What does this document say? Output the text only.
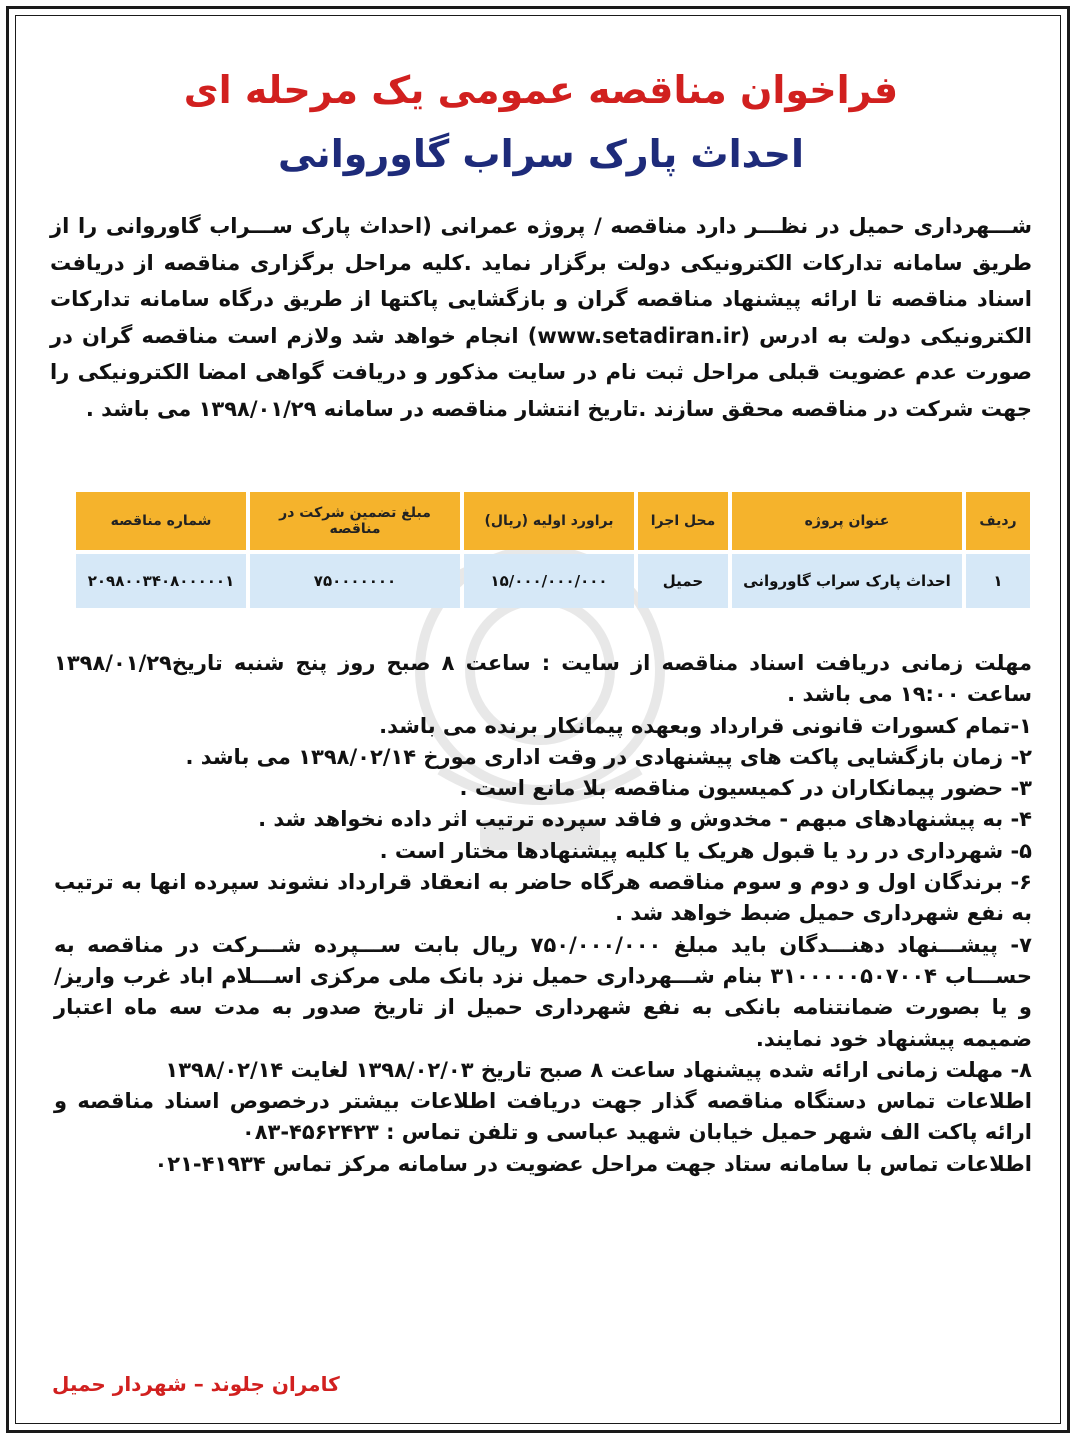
فراخوان مناقصه عمومی یک مرحله ای
احداث پارک سراب گاوروانی

شـــهرداری حمیل در نظـــر دارد مناقصه / پروژه عمرانی (احداث پارک ســـراب گاوروانی را از طریق سامانه تدارکات الکترونیکی دولت برگزار نماید .کلیه مراحل برگزاری مناقصه از دریافت اسناد مناقصه تا ارائه پیشنهاد مناقصه گران و بازگشایی پاکتها از طریق درگاه سامانه تدارکات الکترونیکی دولت به ادرس (www.setadiran.ir) انجام خواهد شد ولازم است مناقصه گران در صورت عدم عضویت قبلی مراحل ثبت نام در سایت مذکور و دریافت گواهی امضا الکترونیکی را جهت شرکت در مناقصه محقق سازند .تاریخ انتشار مناقصه در سامانه ۱۳۹۸/۰۱/۲۹ می باشد .

ردیف	عنوان پروژه	محل اجرا	براورد اولیه (ریال)	مبلغ تضمین شرکت در مناقصه	شماره مناقصه
۱	احداث پارک سراب گاوروانی	حمیل	۱۵/۰۰۰/۰۰۰/۰۰۰	۷۵۰۰۰۰۰۰۰	۲۰۹۸۰۰۳۴۰۸۰۰۰۰۰۱

مهلت زمانی دریافت اسناد مناقصه از سایت : ساعت ۸ صبح روز پنج شنبه تاریخ۱۳۹۸/۰۱/۲۹ ساعت ۱۹:۰۰ می باشد .

۱-تمام کسورات قانونی قرارداد وبعهده پیمانکار برنده می باشد.

۲- زمان بازگشایی پاکت های پیشنهادی در وقت اداری مورخ ۱۳۹۸/۰۲/۱۴ می باشد .

۳- حضور پیمانکاران در کمیسیون مناقصه بلا مانع است .

۴- به پیشنهادهای مبهم - مخدوش و فاقد سپرده ترتیب اثر داده نخواهد شد .

۵- شهرداری در رد یا قبول هریک یا کلیه پیشنهادها مختار است .

۶- برندگان اول و دوم و سوم مناقصه هرگاه حاضر به انعقاد قرارداد نشوند سپرده انها به ترتیب به نفع شهرداری حمیل ضبط خواهد شد .

۷- پیشـــنهاد دهنـــدگان باید مبلغ ۷۵۰/۰۰۰/۰۰۰ ریال بابت ســـپرده شـــرکت در مناقصه به حســـاب ۳۱۰۰۰۰۰۵۰۷۰۰۴ بنام شـــهرداری حمیل نزد بانک ملی مرکزی اســـلام اباد غرب واریز/ و یا بصورت ضمانتنامه بانکی به نفع شهرداری حمیل از تاریخ صدور به مدت سه ماه اعتبار ضمیمه پیشنهاد خود نمایند.

۸- مهلت زمانی ارائه شده پیشنهاد ساعت ۸ صبح تاریخ ۱۳۹۸/۰۲/۰۳ لغایت ۱۳۹۸/۰۲/۱۴

اطلاعات تماس دستگاه مناقصه گذار جهت دریافت اطلاعات بیشتر درخصوص اسناد مناقصه و ارائه پاکت الف شهر حمیل خیابان شهید عباسی و تلفن تماس : ۴۵۶۲۴۲۳-۰۸۳

اطلاعات تماس با سامانه ستاد جهت مراحل عضویت در سامانه مرکز تماس ۴۱۹۳۴-۰۲۱

کامران جلوند – شهردار حمیل
